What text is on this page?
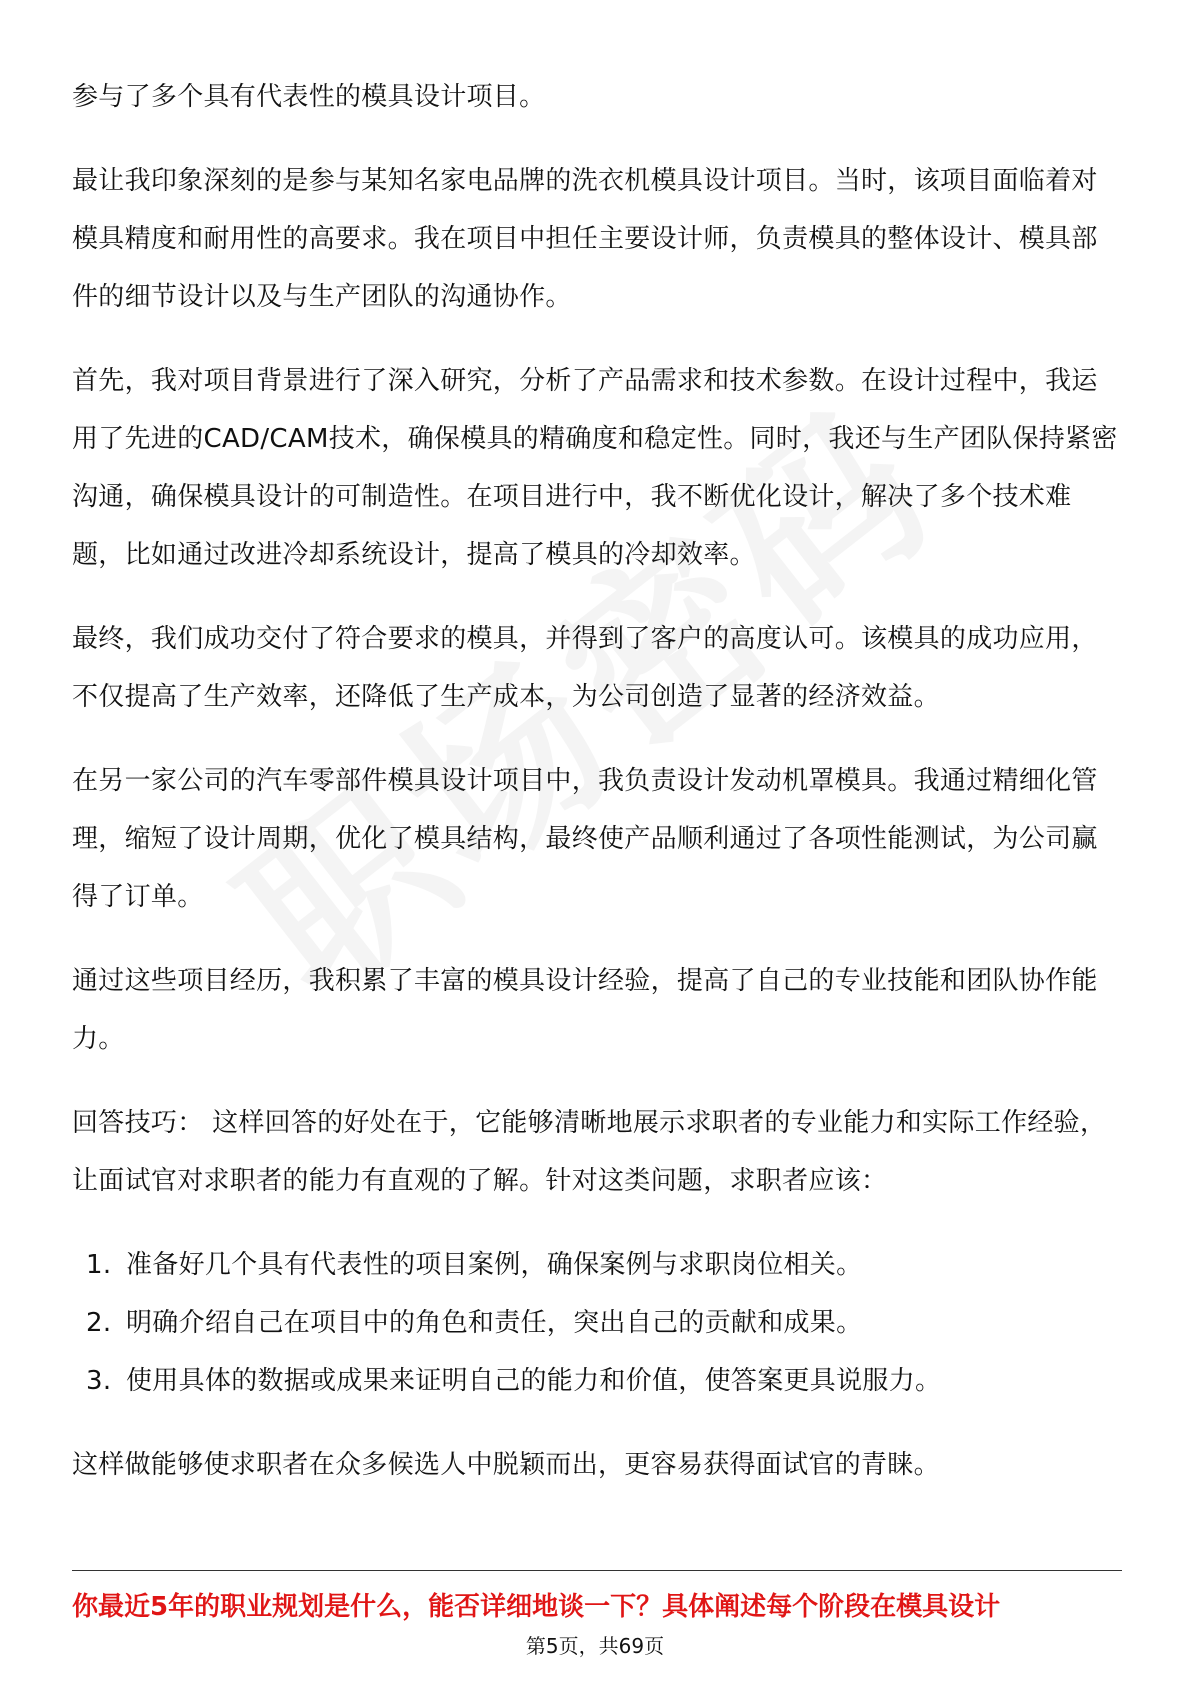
参与了多个具有代表性的模具设计项目。

最让我印象深刻的是参与某知名家电品牌的洗衣机模具设计项目。当时，该项目面临着对模具精度和耐用性的高要求。我在项目中担任主要设计师，负责模具的整体设计、模具部件的细节设计以及与生产团队的沟通协作。

首先，我对项目背景进行了深入研究，分析了产品需求和技术参数。在设计过程中，我运用了先进的CAD/CAM技术，确保模具的精确度和稳定性。同时，我还与生产团队保持紧密沟通，确保模具设计的可制造性。在项目进行中，我不断优化设计，解决了多个技术难题，比如通过改进冷却系统设计，提高了模具的冷却效率。

最终，我们成功交付了符合要求的模具，并得到了客户的高度认可。该模具的成功应用，不仅提高了生产效率，还降低了生产成本，为公司创造了显著的经济效益。

在另一家公司的汽车零部件模具设计项目中，我负责设计发动机罩模具。我通过精细化管理，缩短了设计周期，优化了模具结构，最终使产品顺利通过了各项性能测试，为公司赢得了订单。

通过这些项目经历，我积累了丰富的模具设计经验，提高了自己的专业技能和团队协作能力。

回答技巧： 这样回答的好处在于，它能够清晰地展示求职者的专业能力和实际工作经验，让面试官对求职者的能力有直观的了解。针对这类问题，求职者应该：

1. 准备好几个具有代表性的项目案例，确保案例与求职岗位相关。
2. 明确介绍自己在项目中的角色和责任，突出自己的贡献和成果。
3. 使用具体的数据或成果来证明自己的能力和价值，使答案更具说服力。

这样做能够使求职者在众多候选人中脱颖而出，更容易获得面试官的青睐。

你最近5年的职业规划是什么，能否详细地谈一下？具体阐述每个阶段在模具设计
第5页，共69页
